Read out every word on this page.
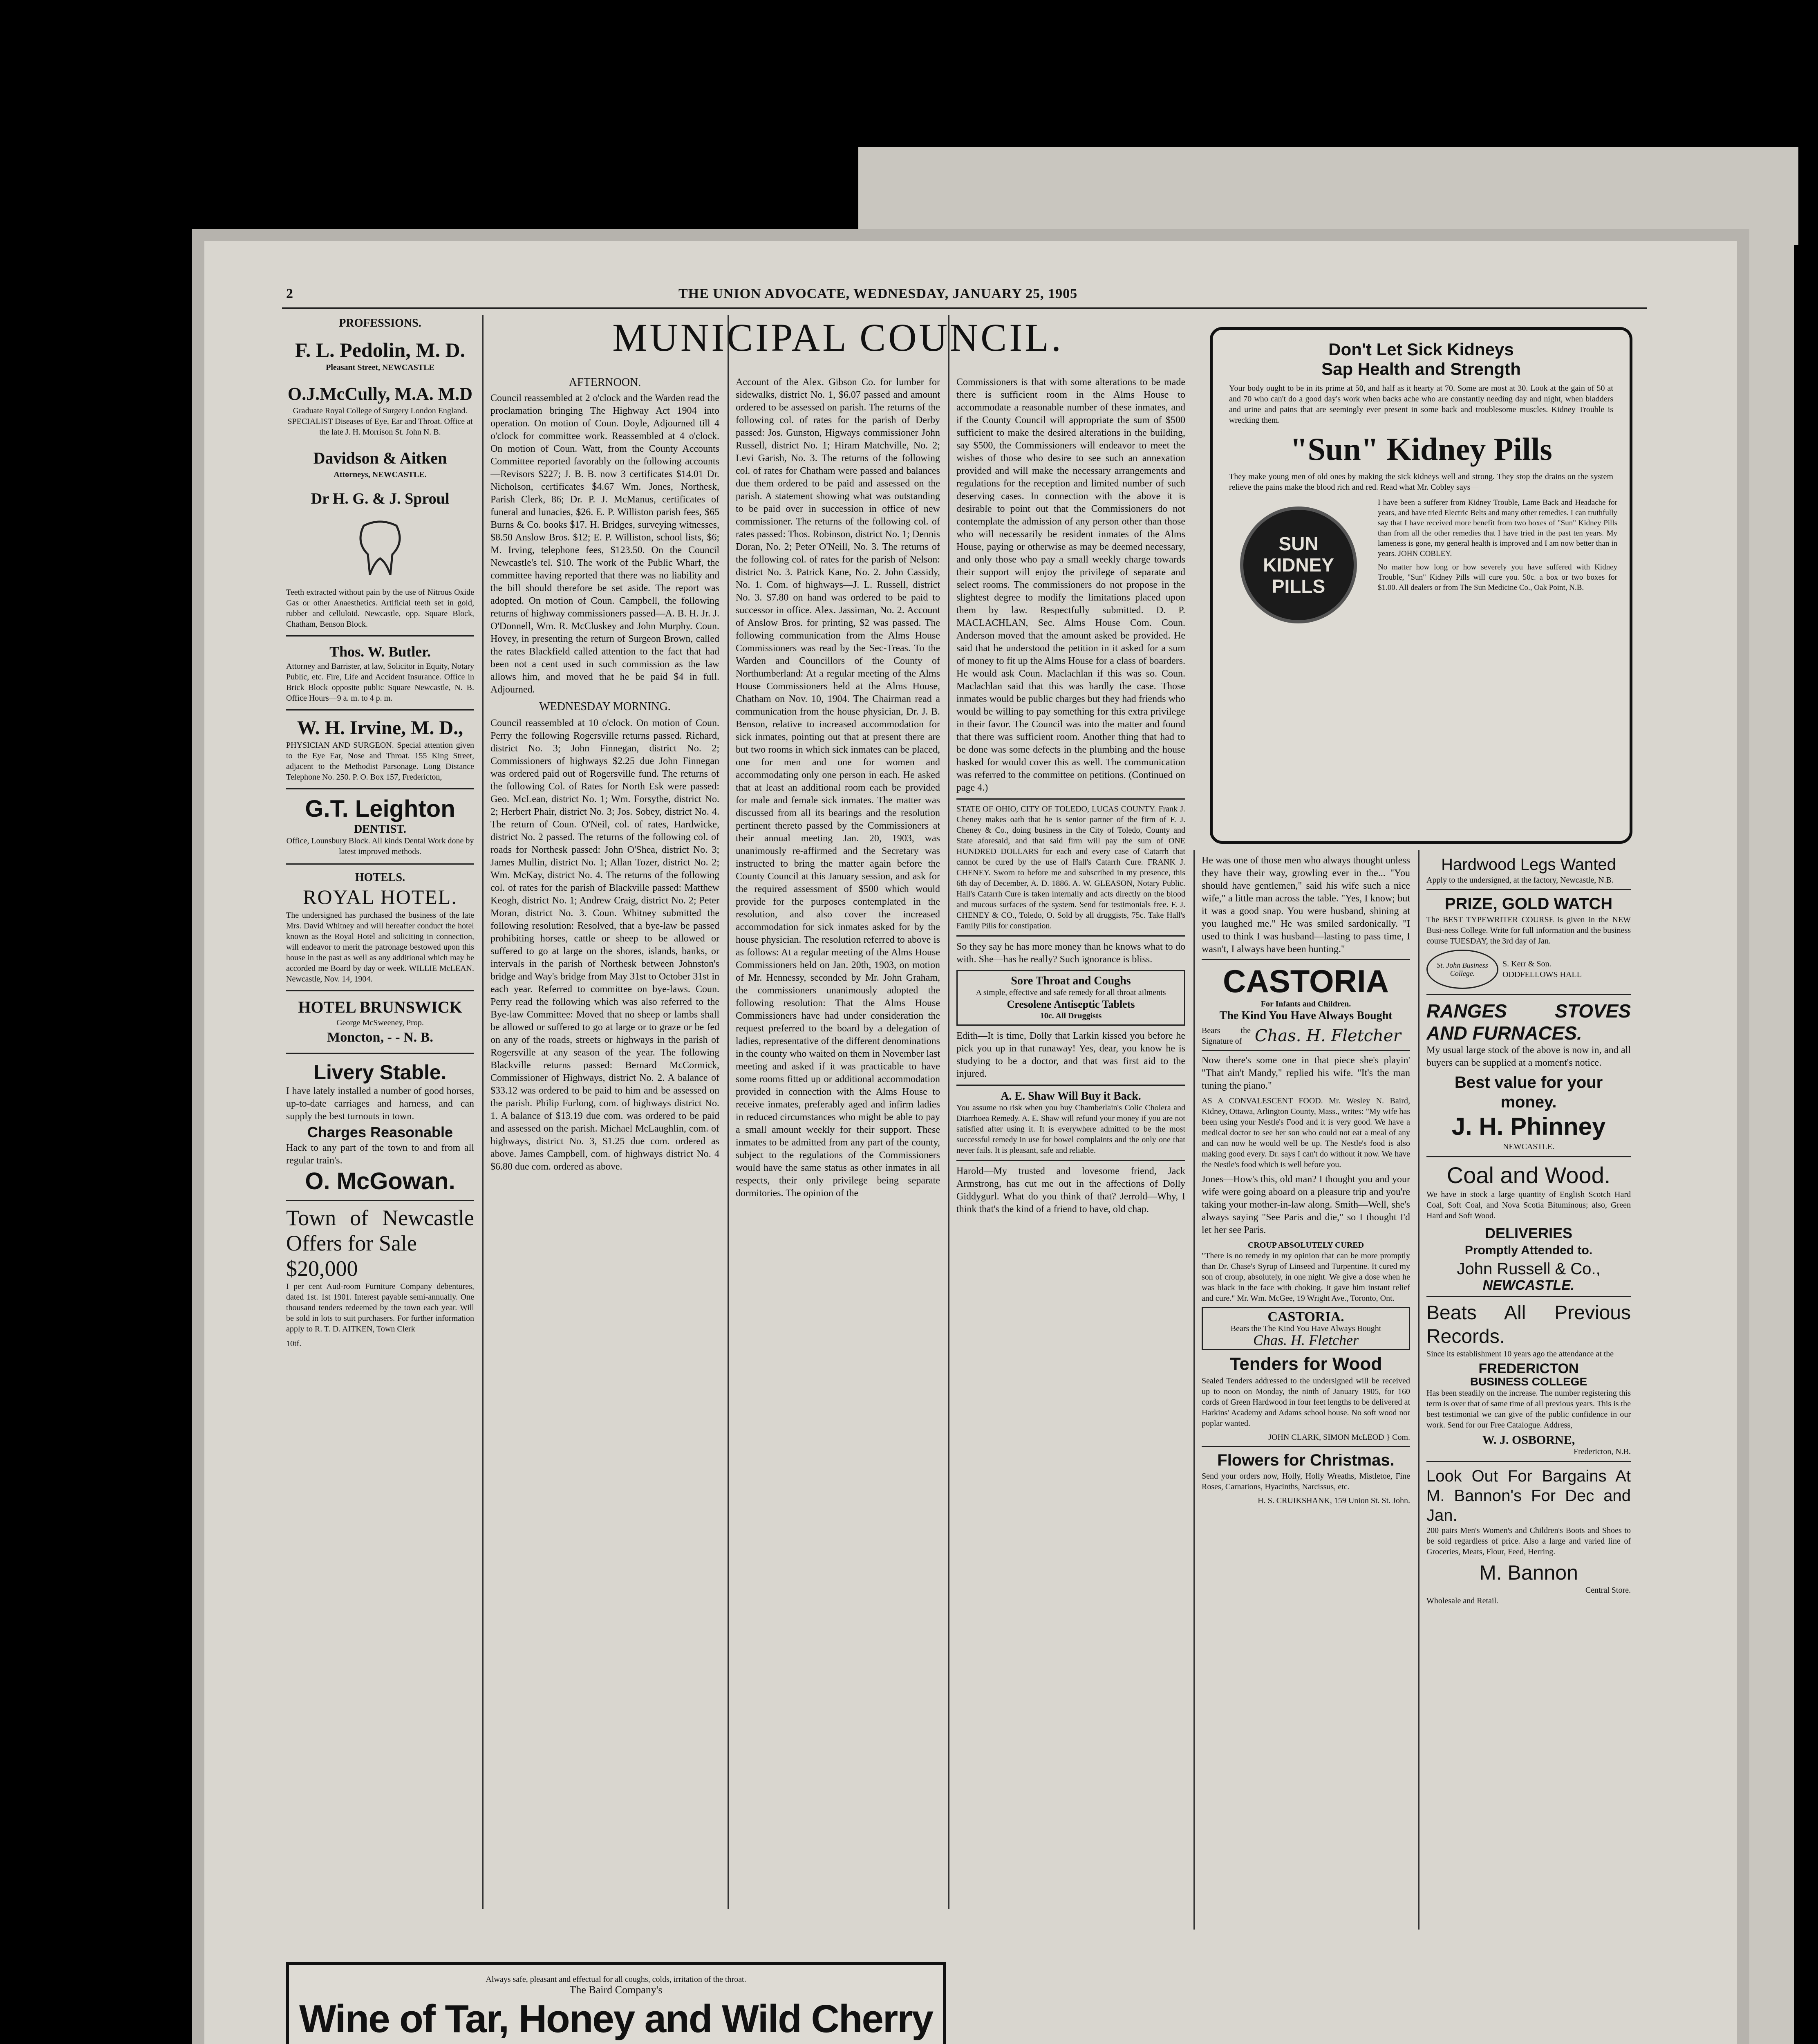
2	THE UNION ADVOCATE, WEDNESDAY, JANUARY 25, 1905
PROFESSIONS.
F. L. Pedolin, M. D.
Pleasant Street, NEWCASTLE
O.J.McCully, M.A. M.D
Graduate Royal College of Surgery London England. SPECIALIST Diseases of Eye, Ear and Throat. Office at the late J. H. Morrison St. John N. B.
Davidson & Aitken
Attorneys, NEWCASTLE.
Dr H. G. & J. Sproul
Teeth extracted without pain by the use of Nitrous Oxide Gas or other Anaesthetics. Artificial teeth set in gold, rubber and celluloid. Newcastle, opp. Square Block, Chatham, Benson Block.
Thos. W. Butler.
Attorney and Barrister, at law, Solicitor in Equity, Notary Public, etc. Fire, Life and Accident Insurance. Office in Brick Block opposite public Square Newcastle, N. B. Office Hours—9 a. m. to 4 p. m.
W. H. Irvine, M. D.,
PHYSICIAN AND SURGEON. Special attention given to the Eye Ear, Nose and Throat. 155 King Street, adjacent to the Methodist Parsonage. Long Distance Telephone No. 250. P. O. Box 157, Fredericton,
G.T. Leighton
DENTIST.
Office, Lounsbury Block. All kinds Dental Work done by latest improved methods.
HOTELS.
ROYAL HOTEL.
The undersigned has purchased the business of the late Mrs. David Whitney and will hereafter conduct the hotel known as the Royal Hotel and soliciting in connection, will endeavor to merit the patronage bestowed upon this house in the past as well as any additional which may be accorded me Board by day or week. WILLIE McLEAN. Newcastle, Nov. 14, 1904.
HOTEL BRUNSWICK
George McSweeney, Prop.
Moncton, - - N. B.
Livery Stable.
I have lately installed a number of good horses, up-to-date carriages and harness, and can supply the best turnouts in town.
Charges Reasonable
Hack to any part of the town to and from all regular train's.
O. McGowan.
Town of Newcastle Offers for Sale
$20,000
I per cent Aud-room Furniture Company debentures, dated 1st. 1st 1901. Interest payable semi-annually. One thousand tenders redeemed by the town each year. Will be sold in lots to suit purchasers. For further information apply to R. T. D. AITKEN, Town Clerk
10tf.
MUNICIPAL COUNCIL.
AFTERNOON.

Council reassembled at 2 o'clock and the Warden read the proclamation bringing The Highway Act 1904 into operation. On motion of Coun. Doyle, Adjourned till 4 o'clock for committee work. Reassembled at 4 o'clock. On motion of Coun. Watt, from the County Accounts Committee reported favorably on the following accounts—Revisors $227; J. B. B. now 3 certificates $14.01 Dr. Nicholson, certificates $4.67 Wm. Jones, Northesk, Parish Clerk, 86; Dr. P. J. McManus, certificates of funeral and lunacies, $26. E. P. Williston parish fees, $65 Burns & Co. books $17. H. Bridges, surveying witnesses, $8.50 Anslow Bros. $12; E. P. Williston, school lists, $6; M. Irving, telephone fees, $123.50. On the Council Newcastle's tel. $10. The work of the Public Wharf, the committee having reported that there was no liability and the bill should therefore be set aside. The report was adopted. On motion of Coun. Campbell, the following returns of highway commissioners passed—A. B. H. Jr. J. O'Donnell, Wm. R. McCluskey and John Murphy. Coun. Hovey, in presenting the return of Surgeon Brown, called the rates Blackfield called attention to the fact that had been not a cent used in such commission as the law allows him, and moved that he be paid $4 in full. Adjourned.

WEDNESDAY MORNING.

Council reassembled at 10 o'clock. On motion of Coun. Perry the following Rogersville returns passed. Richard, district No. 3; John Finnegan, district No. 2; Commissioners of highways $2.25 due John Finnegan was ordered paid out of Rogersville fund. The returns of the following Col. of Rates for North Esk were passed: Geo. McLean, district No. 1; Wm. Forsythe, district No. 2; Herbert Phair, district No. 3; Jos. Sobey, district No. 4. The return of Coun. O'Neil, col. of rates, Hardwicke, district No. 2 passed. The returns of the following col. of roads for Northesk passed: John O'Shea, district No. 3; James Mullin, district No. 1; Allan Tozer, district No. 2; Wm. McKay, district No. 4. The returns of the following col. of rates for the parish of Blackville passed: Matthew Keogh, district No. 1; Andrew Craig, district No. 2; Peter Moran, district No. 3. Coun. Whitney submitted the following resolution: Resolved, that a bye-law be passed prohibiting horses, cattle or sheep to be allowed or suffered to go at large on the shores, islands, banks, or intervals in the parish of Northesk between Johnston's bridge and Way's bridge from May 31st to October 31st in each year. Referred to committee on bye-laws. Coun. Perry read the following which was also referred to the Bye-law Committee: Moved that no sheep or lambs shall be allowed or suffered to go at large or to graze or be fed on any of the roads, streets or highways in the parish of Rogersville at any season of the year. The following Blackville returns passed: Bernard McCormick, Commissioner of Highways, district No. 2. A balance of $33.12 was ordered to be paid to him and be assessed on the parish. Philip Furlong, com. of highways district No. 1. A balance of $13.19 due com. was ordered to be paid and assessed on the parish. Michael McLaughlin, com. of highways, district No. 3, $1.25 due com. ordered as above. James Campbell, com. of highways district No. 4 $6.80 due com. ordered as above.

Account of the Alex. Gibson Co. for lumber for sidewalks, district No. 1, $6.07 passed and amount ordered to be assessed on parish. The returns of the following col. of rates for the parish of Derby passed: Jos. Gunston, Higways commissioner John Russell, district No. 1; Hiram Matchville, No. 2; Levi Garish, No. 3. The returns of the following col. of rates for Chatham were passed and balances due them ordered to be paid and assessed on the parish. A statement showing what was outstanding to be paid over in succession in office of new commissioner. The returns of the following col. of rates passed: Thos. Robinson, district No. 1; Dennis Doran, No. 2; Peter O'Neill, No. 3. The returns of the following col. of rates for the parish of Nelson: district No. 3. Patrick Kane, No. 2. John Cassidy, No. 1. Com. of highways—J. L. Russell, district No. 3. $7.80 on hand was ordered to be paid to successor in office. Alex. Jassiman, No. 2. Account of Anslow Bros. for printing, $2 was passed. The following communication from the Alms House Commissioners was read by the Sec-Treas. To the Warden and Councillors of the County of Northumberland: At a regular meeting of the Alms House Commissioners held at the Alms House, Chatham on Nov. 10, 1904. The Chairman read a communication from the house physician, Dr. J. B. Benson, relative to increased accommodation for sick inmates, pointing out that at present there are but two rooms in which sick inmates can be placed, one for men and one for women and accommodating only one person in each. He asked that at least an additional room each be provided for male and female sick inmates. The matter was discussed from all its bearings and the resolution pertinent thereto passed by the Commissioners at their annual meeting Jan. 20, 1903, was unanimously re-affirmed and the Secretary was instructed to bring the matter again before the County Council at this January session, and ask for the required assessment of $500 which would provide for the purposes contemplated in the resolution, and also cover the increased accommodation for sick inmates asked for by the house physician. The resolution referred to above is as follows: At a regular meeting of the Alms House Commissioners held on Jan. 20th, 1903, on motion of Mr. Hennessy, seconded by Mr. John Graham, the commissioners unanimously adopted the following resolution: That the Alms House Commissioners have had under consideration the request preferred to the board by a delegation of ladies, representative of the different denominations in the county who waited on them in November last meeting and asked if it was practicable to have some rooms fitted up or additional accommodation provided in connection with the Alms House to receive inmates, preferably aged and infirm ladies in reduced circumstances who might be able to pay a small amount weekly for their support. These inmates to be admitted from any part of the county, subject to the regulations of the Commissioners would have the same status as other inmates in all respects, their only privilege being separate dormitories. The opinion of the

Commissioners is that with some alterations to be made there is sufficient room in the Alms House to accommodate a reasonable number of these inmates, and if the County Council will appropriate the sum of $500 sufficient to make the desired alterations in the building, say $500, the Commissioners will endeavor to meet the wishes of those who desire to see such an annexation provided and will make the necessary arrangements and regulations for the reception and limited number of such deserving cases. In connection with the above it is desirable to point out that the Commissioners do not contemplate the admission of any person other than those who will necessarily be resident inmates of the Alms House, paying or otherwise as may be deemed necessary, and only those who pay a small weekly charge towards their support will enjoy the privilege of separate and select rooms. The commissioners do not propose in the slightest degree to modify the limitations placed upon them by law. Respectfully submitted. D. P. MACLACHLAN, Sec. Alms House Com. Coun. Anderson moved that the amount asked be provided. He said that he understood the petition in it asked for a sum of money to fit up the Alms House for a class of boarders. He would ask Coun. Maclachlan if this was so. Coun. Maclachlan said that this was hardly the case. Those inmates would be public charges but they had friends who would be willing to pay something for this extra privilege in their favor. The Council was into the matter and found that there was sufficient room. Another thing that had to be done was some defects in the plumbing and the house hasked for would cover this as well. The communication was referred to the committee on petitions. (Continued on page 4.)

STATE OF OHIO, CITY OF TOLEDO, LUCAS COUNTY. Frank J. Cheney makes oath that he is senior partner of the firm of F. J. Cheney & Co., doing business in the City of Toledo, County and State aforesaid, and that said firm will pay the sum of ONE HUNDRED DOLLARS for each and every case of Catarrh that cannot be cured by the use of Hall's Catarrh Cure. FRANK J. CHENEY. Sworn to before me and subscribed in my presence, this 6th day of December, A. D. 1886. A. W. GLEASON, Notary Public. Hall's Catarrh Cure is taken internally and acts directly on the blood and mucous surfaces of the system. Send for testimonials free. F. J. CHENEY & CO., Toledo, O. Sold by all druggists, 75c. Take Hall's Family Pills for constipation.

So they say he has more money than he knows what to do with. She—has he really? Such ignorance is bliss.

Sore Throat and Coughs
A simple, effective and safe remedy for all throat ailments
Cresolene Antiseptic Tablets
10c. All Druggists

Edith—It is time, Dolly that Larkin kissed you before he pick you up in that runaway! Yes, dear, you know he is studying to be a doctor, and that was first aid to the injured.

A. E. Shaw Will Buy it Back.

You assume no risk when you buy Chamberlain's Colic Cholera and Diarrhoea Remedy. A. E. Shaw will refund your money if you are not satisfied after using it. It is everywhere admitted to be the most successful remedy in use for bowel complaints and the only one that never fails. It is pleasant, safe and reliable.

Harold—My trusted and lovesome friend, Jack Armstrong, has cut me out in the affections of Dolly Giddygurl. What do you think of that? Jerrold—Why, I think that's the kind of a friend to have, old chap.

Don't Let Sick Kidneys
Sap Health and Strength
Your body ought to be in its prime at 50, and half as it hearty at 70. Some are most at 30. Look at the gain of 50 at and 70 who can't do a good day's work when backs ache who are constantly needing day and night, when bladders and urine and pains that are seemingly ever present in some back and troublesome muscles. Kidney Trouble is wrecking them.
"Sun" Kidney Pills
They make young men of old ones by making the sick kidneys well and strong. They stop the drains on the system relieve the pains make the blood rich and red. Read what Mr. Cobley says—
SUN
KIDNEY
PILLS

I have been a sufferer from Kidney Trouble, Lame Back and Headache for years, and have tried Electric Belts and many other remedies. I can truthfully say that I have received more benefit from two boxes of "Sun" Kidney Pills than from all the other remedies that I have tried in the past ten years. My lameness is gone, my general health is improved and I am now better than in years. JOHN COBLEY.

No matter how long or how severely you have suffered with Kidney Trouble, "Sun" Kidney Pills will cure you. 50c. a box or two boxes for $1.00. All dealers or from The Sun Medicine Co., Oak Point, N.B.

He was one of those men who always thought unless they have their way, growling ever in the... "You should have gentlemen," said his wife such a nice wife," a little man across the table. "Yes, I know; but it was a good snap. You were husband, shining at you laughed me." He was smiled sardonically. "I used to think I was husband—lasting to pass time, I wasn't, I always have been hunting."

CASTORIA
For Infants and Children.
The Kind You Have Always Bought
Bears the Signature of Chas. H. Fletcher

Now there's some one in that piece she's playin' "That ain't Mandy," replied his wife. "It's the man tuning the piano."

AS A CONVALESCENT FOOD. Mr. Wesley N. Baird, Kidney, Ottawa, Arlington County, Mass., writes: "My wife has been using your Nestle's Food and it is very good. We have a medical doctor to see her son who could not eat a meal of any and can now he would well be up. The Nestle's food is also making good every. Dr. says I can't do without it now. We have the Nestle's food which is well before you.

Jones—How's this, old man? I thought you and your wife were going aboard on a pleasure trip and you're taking your mother-in-law along. Smith—Well, she's always saying "See Paris and die," so I thought I'd let her see Paris.

CROUP ABSOLUTELY CURED

"There is no remedy in my opinion that can be more promptly than Dr. Chase's Syrup of Linseed and Turpentine. It cured my son of croup, absolutely, in one night. We give a dose when he was black in the face with choking. It gave him instant relief and cure." Mr. Wm. McGee, 19 Wright Ave., Toronto, Ont.

CASTORIA.
Bears the The Kind You Have Always Bought
Chas. H. Fletcher
Tenders for Wood

Sealed Tenders addressed to the undersigned will be received up to noon on Monday, the ninth of January 1905, for 160 cords of Green Hardwood in four feet lengths to be delivered at Harkins' Academy and Adams school house. No soft wood nor poplar wanted.

JOHN CLARK, SIMON McLEOD } Com.

Flowers for Christmas.

Send your orders now, Holly, Holly Wreaths, Mistletoe, Fine Roses, Carnations, Hyacinths, Narcissus, etc.

H. S. CRUIKSHANK, 159 Union St. St. John.

Hardwood Legs Wanted

Apply to the undersigned, at the factory, Newcastle, N.B.

PRIZE, GOLD WATCH

The BEST TYPEWRITER COURSE is given in the NEW Busi-ness College. Write for full information and the business course TUESDAY, the 3rd day of Jan.

St. John Business College.
S. Kerr & Son.
ODDFELLOWS HALL
RANGES STOVES AND FURNACES.

My usual large stock of the above is now in, and all buyers can be supplied at a moment's notice.

Best value for your money.
J. H. Phinney
NEWCASTLE.
Coal and Wood.

We have in stock a large quantity of English Scotch Hard Coal, Soft Coal, and Nova Scotia Bituminous; also, Green Hard and Soft Wood.

DELIVERIES
Promptly Attended to.
John Russell & Co.,
NEWCASTLE.
Beats All Previous Records.

Since its establishment 10 years ago the attendance at the

FREDERICTON
BUSINESS COLLEGE

Has been steadily on the increase. The number registering this term is over that of same time of all previous years. This is the best testimonial we can give of the public confidence in our work. Send for our Free Catalogue. Address,

W. J. OSBORNE,
Fredericton, N.B.
Look Out For Bargains At M. Bannon's For Dec and Jan.

200 pairs Men's Women's and Children's Boots and Shoes to be sold regardless of price. Also a large and varied line of Groceries, Meats, Flour, Feed, Herring.

M. Bannon
Central Store.
Wholesale and Retail.
Always safe, pleasant and effectual for all coughs, colds, irritation of the throat.
The Baird Company's
Wine of Tar, Honey and Wild Cherry
